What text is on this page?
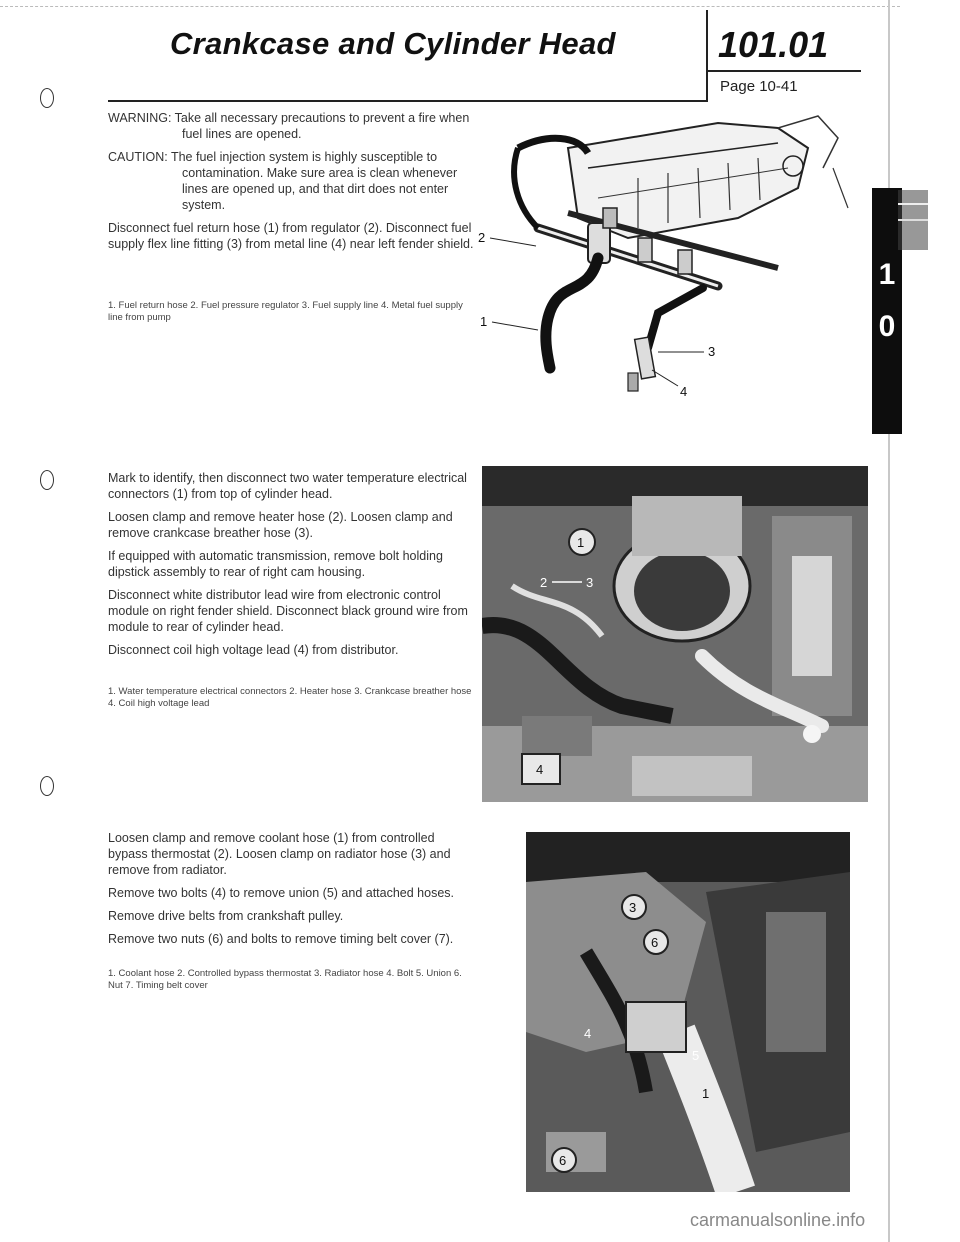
Crankcase and Cylinder Head	101.01
Page 10-41
1
0

WARNING: Take all necessary precautions to prevent a fire when fuel lines are opened.

CAUTION: The fuel injection system is highly susceptible to contamination. Make sure area is clean whenever lines are opened up, and that dirt does not enter system.

Disconnect fuel return hose (1) from regulator (2). Disconnect fuel supply flex line fitting (3) from metal line (4) near left fender shield.

1. Fuel return hose 2. Fuel pressure regulator 3. Fuel supply line 4. Metal fuel supply line from pump
2
1
3
4

Mark to identify, then disconnect two water temperature electrical connectors (1) from top of cylinder head.

Loosen clamp and remove heater hose (2). Loosen clamp and remove crankcase breather hose (3).

If equipped with automatic transmission, remove bolt holding dipstick assembly to rear of right cam housing.

Disconnect white distributor lead wire from electronic control module on right fender shield. Disconnect black ground wire from module to rear of cylinder head.

Disconnect coil high voltage lead (4) from distributor.

1. Water temperature electrical connectors 2. Heater hose 3. Crankcase breather hose 4. Coil high voltage lead
1
2	3
4

Loosen clamp and remove coolant hose (1) from controlled bypass thermostat (2). Loosen clamp on radiator hose (3) and remove from radiator.

Remove two bolts (4) to remove union (5) and attached hoses.

Remove drive belts from crankshaft pulley.

Remove two nuts (6) and bolts to remove timing belt cover (7).

1. Coolant hose 2. Controlled bypass thermostat 3. Radiator hose 4. Bolt 5. Union 6. Nut 7. Timing belt cover
3
6
4
5
1
6
carmanualsonline.info
